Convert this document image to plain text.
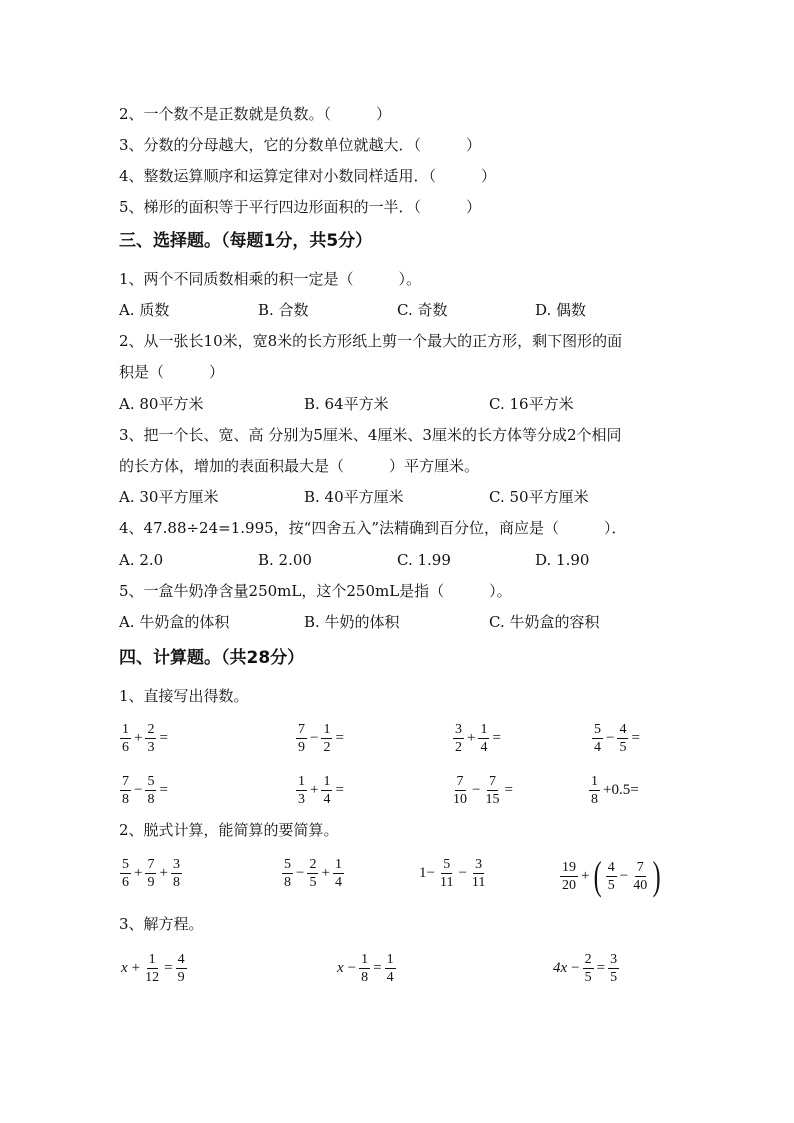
2、一个数不是正数就是负数。（　　　）
3、分数的分母越大，它的分数单位就越大．（　　　）
4、整数运算顺序和运算定律对小数同样适用．（　　　）
5、梯形的面积等于平行四边形面积的一半．（　　　）
三、选择题。（每题1分，共5分）
1、两个不同质数相乘的积一定是（　　　）。
A. 质数	B. 合数	C. 奇数	D. 偶数
2、从一张长10米，宽8米的长方形纸上剪一个最大的正方形，剩下图形的面
积是（　　　）
A. 80平方米	B. 64平方米	C. 16平方米
3、把一个长、宽、高 分别为5厘米、4厘米、3厘米的长方体等分成2个相同
的长方体，增加的表面积最大是（　　　）平方厘米。
A. 30平方厘米	B. 40平方厘米	C. 50平方厘米
4、47.88÷24=1.995，按“四舍五入”法精确到百分位，商应是（　　　）．
A. 2.0	B. 2.00	C. 1.99	D. 1.90
5、一盒牛奶净含量250mL，这个250mL是指（　　　）。
A. 牛奶盒的体积	B. 牛奶的体积	C. 牛奶盒的容积
四、计算题。（共28分）
1、直接写出得数。
$\frac{1}{6} + \frac{2}{3}$ =	$\frac{7}{9} - \frac{1}{2}$ =	$\frac{3}{2} + \frac{1}{4}$ =	$\frac{5}{4} - \frac{4}{5}$ =
$\frac{7}{8} - \frac{5}{8}$ =	$\frac{1}{3} + \frac{1}{4}$ =	$\frac{7}{10} - \frac{7}{15}$ =	$\frac{1}{8} +0.5=$
2、脱式计算，能简算的要简算。
$\frac{5}{6} + \frac{7}{9} + \frac{3}{8}$	$\frac{5}{8} - \frac{2}{5} + \frac{1}{4}$	$1- \frac{5}{11} - \frac{3}{11}$	$\frac{19}{20}$ + ( $\frac{4}{5} - \frac{7}{40}$ )
3、解方程。
$x + \frac{1}{12} = \frac{4}{9}$	$x - \frac{1}{8} = \frac{1}{4}$	$4x - \frac{2}{5} = \frac{3}{5}$
